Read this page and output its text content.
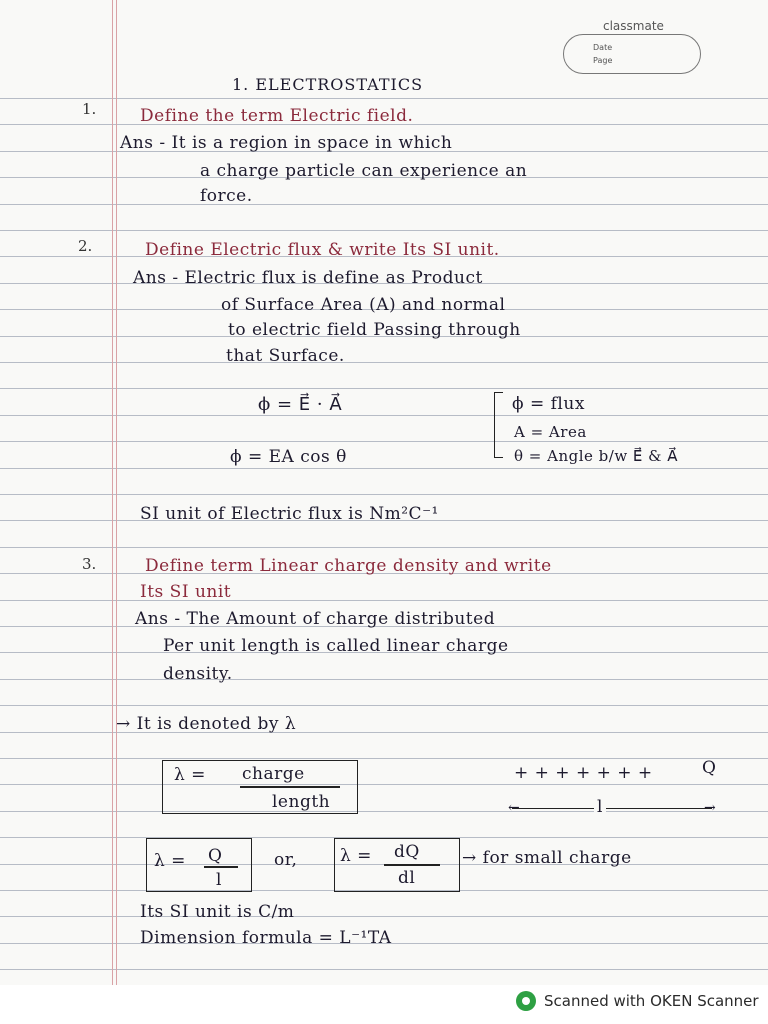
classmate
Date
Page
1. ELECTROSTATICS
1.	Define the term Electric field.
Ans - It is a region in space in which
a charge particle can experience an
force.
2.	Define Electric flux & write Its SI unit.
Ans - Electric flux is define as Product
of Surface Area (A) and normal
to electric field Passing through
that Surface.
ϕ = E⃗ · A⃗
ϕ = EA cos θ
ϕ = flux
A = Area
θ = Angle b/w E⃗ & A⃗
SI unit of Electric flux is Nm²C⁻¹
3.	Define term Linear charge density and write
Its SI unit
Ans - The Amount of charge distributed
Per unit length is called linear charge
density.
→ It is denoted by λ
λ = charge
length
+ + + + + + +	Q
←	→
l
λ = Q
l
or,	λ = dQ
dl
→ for small charge
Its SI unit is C/m
Dimension formula = L⁻¹TA
Scanned with OKEN Scanner
